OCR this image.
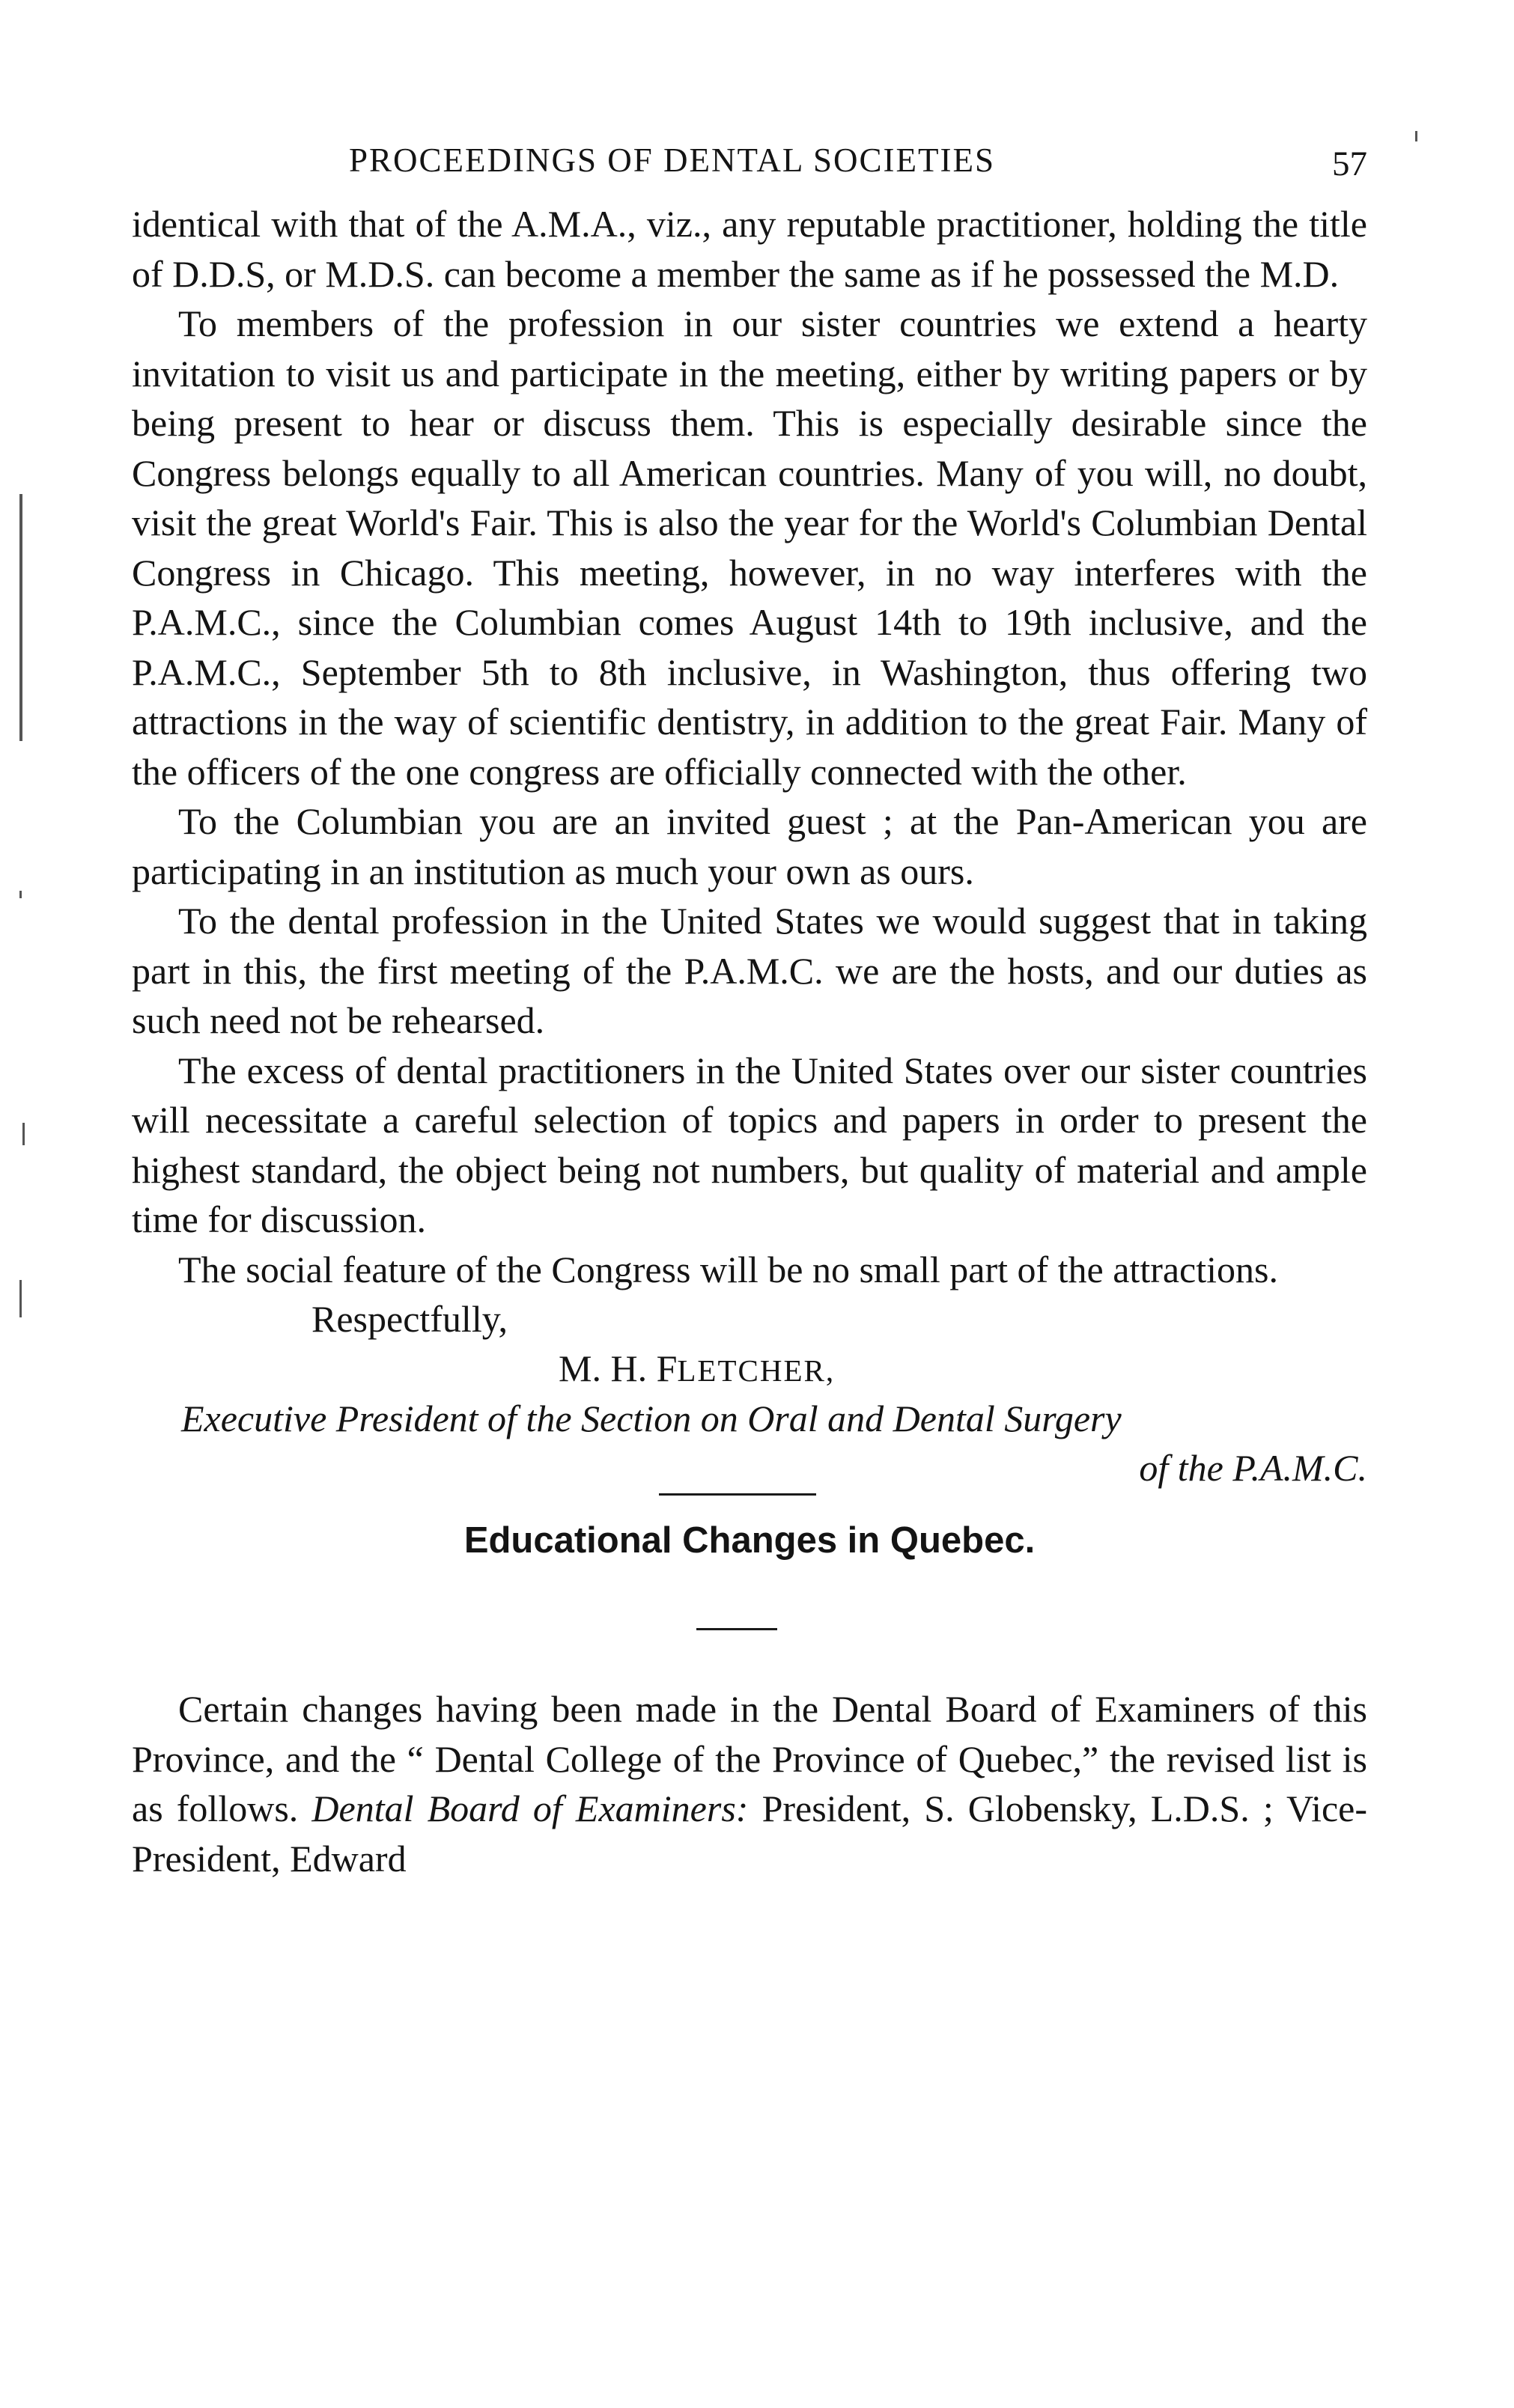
PROCEEDINGS OF DENTAL SOCIETIES	57

identical with that of the A.M.A., viz., any reputable practitioner, holding the title of D.D.S, or M.D.S. can become a member the same as if he possessed the M.D.

To members of the profession in our sister countries we extend a hearty invitation to visit us and participate in the meeting, either by writing papers or by being present to hear or discuss them. This is especially desirable since the Congress belongs equally to all American countries. Many of you will, no doubt, visit the great World's Fair. This is also the year for the World's Columbian Dental Congress in Chicago. This meeting, however, in no way interferes with the P.A.M.C., since the Columbian comes August 14th to 19th inclusive, and the P.A.M.C., September 5th to 8th inclusive, in Washington, thus offering two attractions in the way of scientific dentistry, in addition to the great Fair. Many of the officers of the one congress are officially connected with the other.

To the Columbian you are an invited guest ; at the Pan-American you are participating in an institution as much your own as ours.

To the dental profession in the United States we would suggest that in taking part in this, the first meeting of the P.A.M.C. we are the hosts, and our duties as such need not be rehearsed.

The excess of dental practitioners in the United States over our sister countries will necessitate a careful selection of topics and papers in order to present the highest standard, the object being not numbers, but quality of material and ample time for discussion.

The social feature of the Congress will be no small part of the attractions.

Respectfully,
M. H. FLETCHER,
Executive President of the Section on Oral and Dental Surgery
of the P.A.M.C.
Educational Changes in Quebec.

Certain changes having been made in the Dental Board of Examiners of this Province, and the “ Dental College of the Province of Quebec,” the revised list is as follows. Dental Board of Examiners: President, S. Globensky, L.D.S. ; Vice-President, Edward
